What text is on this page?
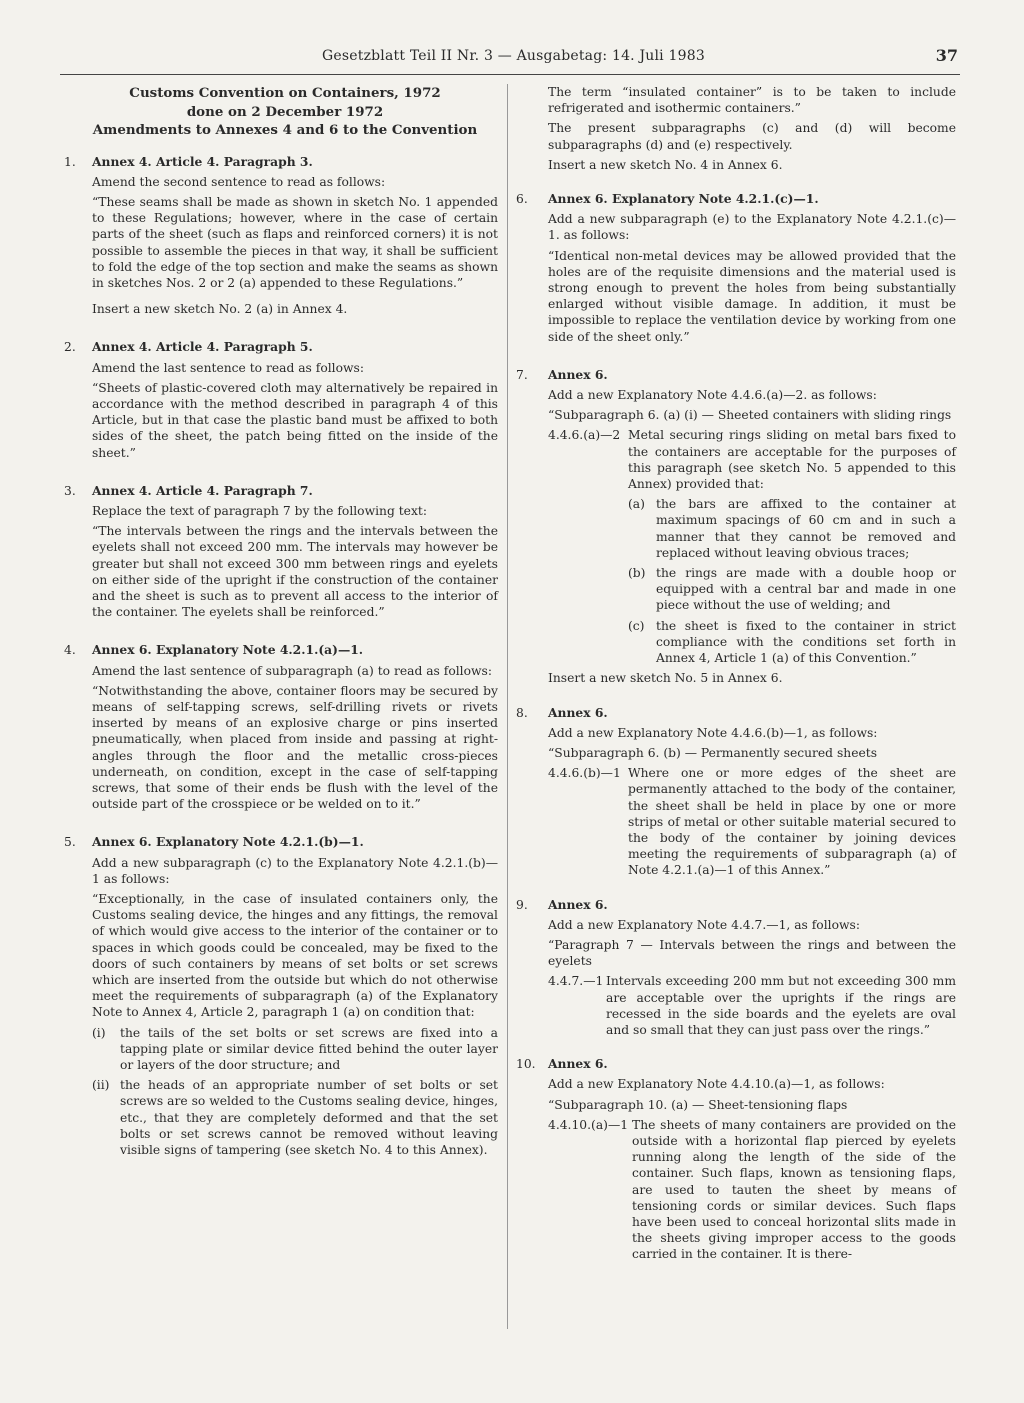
Gesetzblatt Teil II Nr. 3 — Ausgabetag: 14. Juli 1983	37
Customs Convention on Containers, 1972
done on 2 December 1972
Amendments to Annexes 4 and 6 to the Convention
1.	Annex 4. Article 4. Paragraph 3.

Amend the second sentence to read as follows:

“These seams shall be made as shown in sketch No. 1 appended to these Regulations; however, where in the case of certain parts of the sheet (such as flaps and reinforced corners) it is not possible to assemble the pieces in that way, it shall be sufficient to fold the edge of the top section and make the seams as shown in sketches Nos. 2 or 2 (a) appended to these Regulations.”

Insert a new sketch No. 2 (a) in Annex 4.

2.	Annex 4. Article 4. Paragraph 5.

Amend the last sentence to read as follows:

“Sheets of plastic-covered cloth may alternatively be repaired in accordance with the method described in paragraph 4 of this Article, but in that case the plastic band must be affixed to both sides of the sheet, the patch being fitted on the inside of the sheet.”

3.	Annex 4. Article 4. Paragraph 7.

Replace the text of paragraph 7 by the following text:

“The intervals between the rings and the intervals between the eyelets shall not exceed 200 mm. The intervals may however be greater but shall not exceed 300 mm between rings and eyelets on either side of the upright if the construction of the container and the sheet is such as to prevent all access to the interior of the container. The eyelets shall be reinforced.”

4.	Annex 6. Explanatory Note 4.2.1.(a)—1.

Amend the last sentence of subparagraph (a) to read as follows:

“Notwithstanding the above, container floors may be secured by means of self-tapping screws, self-drilling rivets or rivets inserted by means of an explosive charge or pins inserted pneumatically, when placed from inside and passing at right-angles through the floor and the metallic cross-pieces underneath, on condition, except in the case of self-tapping screws, that some of their ends be flush with the level of the outside part of the crosspiece or be welded on to it.”

5.	Annex 6. Explanatory Note 4.2.1.(b)—1.

Add a new subparagraph (c) to the Explanatory Note 4.2.1.(b)—1 as follows:

“Exceptionally, in the case of insulated containers only, the Customs sealing device, the hinges and any fittings, the removal of which would give access to the interior of the container or to spaces in which goods could be concealed, may be fixed to the doors of such containers by means of set bolts or set screws which are inserted from the outside but which do not otherwise meet the requirements of subparagraph (a) of the Explanatory Note to Annex 4, Article 2, paragraph 1 (a) on condition that:

(i) the tails of the set bolts or set screws are fixed into a tapping plate or similar device fitted behind the outer layer or layers of the door structure; and

(ii) the heads of an appropriate number of set bolts or set screws are so welded to the Customs sealing device, hinges, etc., that they are completely deformed and that the set bolts or set screws cannot be removed without leaving visible signs of tampering (see sketch No. 4 to this Annex).

The term “insulated container” is to be taken to include refrigerated and isothermic containers.”

The present subparagraphs (c) and (d) will become subparagraphs (d) and (e) respectively.

Insert a new sketch No. 4 in Annex 6.

6.	Annex 6. Explanatory Note 4.2.1.(c)—1.

Add a new subparagraph (e) to the Explanatory Note 4.2.1.(c)—1. as follows:

“Identical non-metal devices may be allowed provided that the holes are of the requisite dimensions and the material used is strong enough to prevent the holes from being substantially enlarged without visible damage. In addition, it must be impossible to replace the ventilation device by working from one side of the sheet only.”

7.	Annex 6.

Add a new Explanatory Note 4.4.6.(a)—2. as follows:

“Subparagraph 6. (a) (i) — Sheeted containers with sliding rings

4.4.6.(a)—2 Metal securing rings sliding on metal bars fixed to the containers are acceptable for the purposes of this paragraph (see sketch No. 5 appended to this Annex) provided that:

(a) the bars are affixed to the container at maximum spacings of 60 cm and in such a manner that they cannot be removed and replaced without leaving obvious traces;

(b) the rings are made with a double hoop or equipped with a central bar and made in one piece without the use of welding; and

(c) the sheet is fixed to the container in strict compliance with the conditions set forth in Annex 4, Article 1 (a) of this Convention.”

Insert a new sketch No. 5 in Annex 6.

8.	Annex 6.

Add a new Explanatory Note 4.4.6.(b)—1, as follows:

“Subparagraph 6. (b) — Permanently secured sheets

4.4.6.(b)—1 Where one or more edges of the sheet are permanently attached to the body of the container, the sheet shall be held in place by one or more strips of metal or other suitable material secured to the body of the container by joining devices meeting the requirements of subparagraph (a) of Note 4.2.1.(a)—1 of this Annex.”

9.	Annex 6.

Add a new Explanatory Note 4.4.7.—1, as follows:

“Paragraph 7 — Intervals between the rings and between the eyelets

4.4.7.—1 Intervals exceeding 200 mm but not exceeding 300 mm are acceptable over the uprights if the rings are recessed in the side boards and the eyelets are oval and so small that they can just pass over the rings.”

10. Annex 6.

Add a new Explanatory Note 4.4.10.(a)—1, as follows:

“Subparagraph 10. (a) — Sheet-tensioning flaps

4.4.10.(a)—1 The sheets of many containers are provided on the outside with a horizontal flap pierced by eyelets running along the length of the side of the container. Such flaps, known as tensioning flaps, are used to tauten the sheet by means of tensioning cords or similar devices. Such flaps have been used to conceal horizontal slits made in the sheets giving improper access to the goods carried in the container. It is there-
